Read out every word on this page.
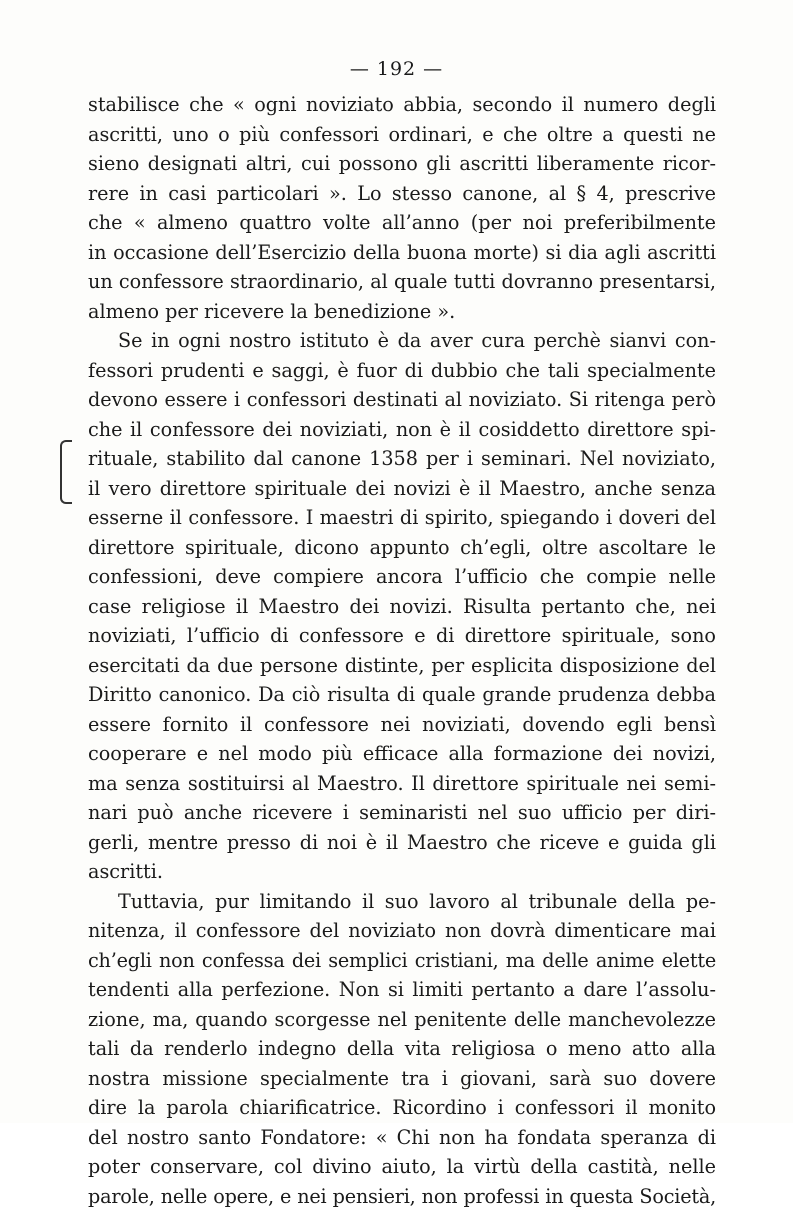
— 192 —
stabilisce che « ogni noviziato abbia, secondo il numero degli
ascritti, uno o più confessori ordinari, e che oltre a questi ne
sieno designati altri, cui possono gli ascritti liberamente ricor-
rere in casi particolari ». Lo stesso canone, al § 4, prescrive
che « almeno quattro volte all’anno (per noi preferibilmente
in occasione dell’Esercizio della buona morte) si dia agli ascritti
un confessore straordinario, al quale tutti dovranno presentarsi,
almeno per ricevere la benedizione ».
Se in ogni nostro istituto è da aver cura perchè sianvi con-
fessori prudenti e saggi, è fuor di dubbio che tali specialmente
devono essere i confessori destinati al noviziato. Si ritenga però
che il confessore dei noviziati, non è il cosiddetto direttore spi-
rituale, stabilito dal canone 1358 per i seminari. Nel noviziato,
il vero direttore spirituale dei novizi è il Maestro, anche senza
esserne il confessore. I maestri di spirito, spiegando i doveri del
direttore spirituale, dicono appunto ch’egli, oltre ascoltare le
confessioni, deve compiere ancora l’ufficio che compie nelle
case religiose il Maestro dei novizi. Risulta pertanto che, nei
noviziati, l’ufficio di confessore e di direttore spirituale, sono
esercitati da due persone distinte, per esplicita disposizione del
Diritto canonico. Da ciò risulta di quale grande prudenza debba
essere fornito il confessore nei noviziati, dovendo egli bensì
cooperare e nel modo più efficace alla formazione dei novizi,
ma senza sostituirsi al Maestro. Il direttore spirituale nei semi-
nari può anche ricevere i seminaristi nel suo ufficio per diri-
gerli, mentre presso di noi è il Maestro che riceve e guida gli
ascritti.
Tuttavia, pur limitando il suo lavoro al tribunale della pe-
nitenza, il confessore del noviziato non dovrà dimenticare mai
ch’egli non confessa dei semplici cristiani, ma delle anime elette
tendenti alla perfezione. Non si limiti pertanto a dare l’assolu-
zione, ma, quando scorgesse nel penitente delle manchevolezze
tali da renderlo indegno della vita religiosa o meno atto alla
nostra missione specialmente tra i giovani, sarà suo dovere
dire la parola chiarificatrice. Ricordino i confessori il monito
del nostro santo Fondatore: « Chi non ha fondata speranza di
poter conservare, col divino aiuto, la virtù della castità, nelle
parole, nelle opere, e nei pensieri, non professi in questa Società,
